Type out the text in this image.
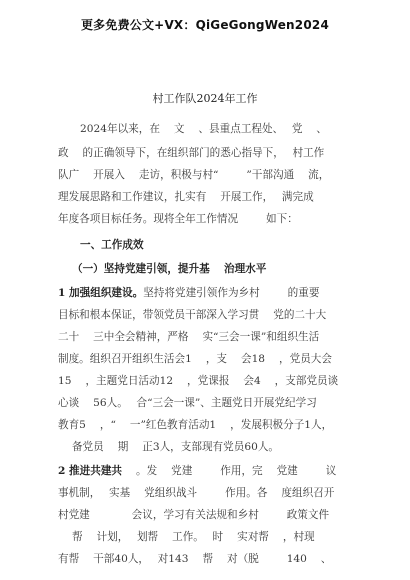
更多免费公文+VX：QiGeGongWen2024
村工作队2024年工作
2024年以来，在　 文　 、县重点工程处、　 党　 、
政　 的正确领导下，在组织部门的悉心指导下，　 村工作
队广　 开展入　 走访，积极与村“　 　 ”干部沟通　 流，
理发展思路和工作建议，扎实有　 开展工作，　 满完成
年度各项目标任务。现将全年工作情况　 　 如下：
一、工作成效
（一）坚持党建引领，提升基　 治理水平
1 加强组织建设。坚持将党建引领作为乡村　 　 的重要
目标和根本保证，带领党员干部深入学习贯　 党的二十大
二十　 三中全会精神，严格　 实“三会一课”和组织生活
制度。组织召开组织生活会1　 ，支　 会18　 ，党员大会
15　 ，主题党日活动12　 ，党课报　 会4　 ，支部党员谈
心谈　 56人。　 合“三会一课”、主题党日开展党纪学习
教育5　 ，“　 一”红色教育活动1　 ，发展积极分子1人，
　 备党员　 期　 正3人，支部现有党员60人。
2 推进共建共　 。发　 党建　 　 作用，完　 党建　 　 议
事机制，　 实基　 党组织战斗　 　 作用。各　 度组织召开
村党建　 　 　 会议，学习有关法规和乡村　 　 政策文件
　 帮　 计划，　 划帮　 工作。　 时　 实对帮　 ，村现
有帮　 干部40人，　 对143　 帮　 对（脱　 　 140　 、
